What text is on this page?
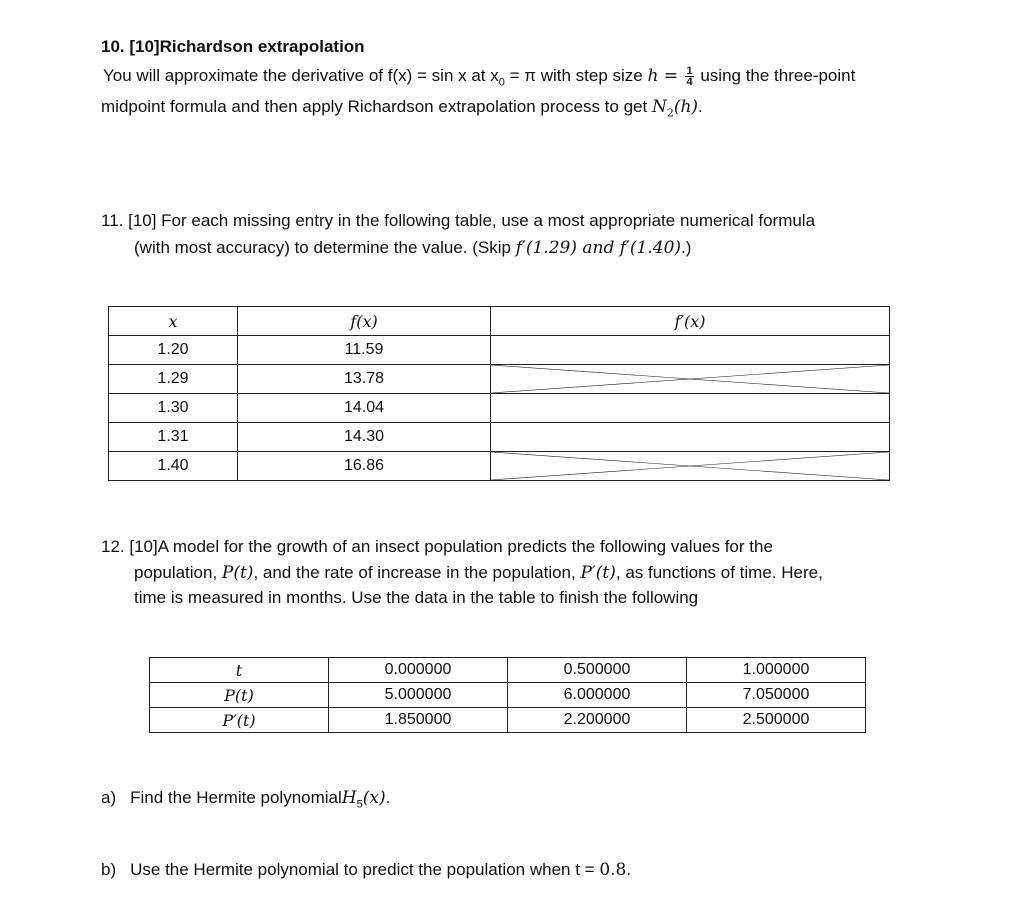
10. [10]Richardson extrapolation
You will approximate the derivative of f(x) = sin x at $x_0 = \pi$ with step size $h = \frac{1}{4}$ using the three-point
midpoint formula and then apply Richardson extrapolation process to get $N_2(h)$.
11. [10] For each missing entry in the following table, use a most appropriate numerical formula
(with most accuracy) to determine the value. (Skip f′(1.29) and f′(1.40).)
x	f(x)	f′(x)
1.20	11.59	
1.29	13.78	

1.30	14.04	
1.31	14.30	
1.40	16.86	
12. [10]A model for the growth of an insect population predicts the following values for the
population, P(t), and the rate of increase in the population, P′(t), as functions of time. Here,
time is measured in months. Use the data in the table to finish the following
t	0.000000	0.500000	1.000000
P(t)	5.000000	6.000000	7.050000
P′(t)	1.850000	2.200000	2.500000
a) Find the Hermite polynomialH$_5$(x).
b) Use the Hermite polynomial to predict the population when t = 0.8.
